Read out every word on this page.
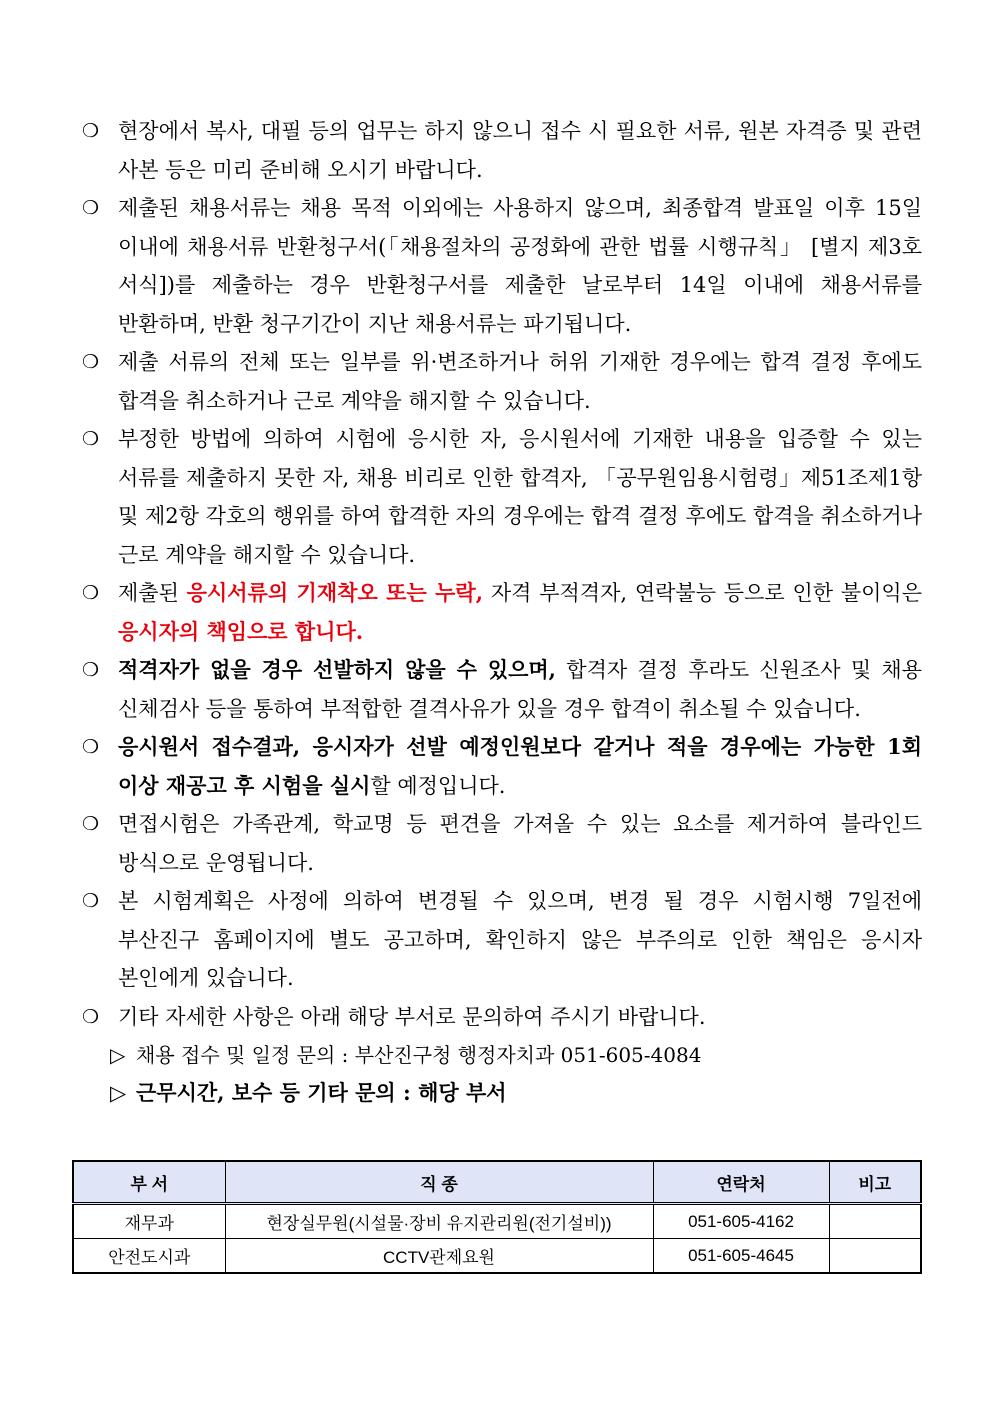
❍ 현장에서 복사, 대필 등의 업무는 하지 않으니 접수 시 필요한 서류, 원본 자격증 및 관련 사본 등은 미리 준비해 오시기 바랍니다.
❍ 제출된 채용서류는 채용 목적 이외에는 사용하지 않으며, 최종합격 발표일 이후 15일 이내에 채용서류 반환청구서(「채용절차의 공정화에 관한 법률 시행규칙」 [별지 제3호 서식])를 제출하는 경우 반환청구서를 제출한 날로부터 14일 이내에 채용서류를 반환하며, 반환 청구기간이 지난 채용서류는 파기됩니다.
❍ 제출 서류의 전체 또는 일부를 위·변조하거나 허위 기재한 경우에는 합격 결정 후에도 합격을 취소하거나 근로 계약을 해지할 수 있습니다.
❍ 부정한 방법에 의하여 시험에 응시한 자, 응시원서에 기재한 내용을 입증할 수 있는 서류를 제출하지 못한 자, 채용 비리로 인한 합격자, 「공무원임용시험령」제51조제1항 및 제2항 각호의 행위를 하여 합격한 자의 경우에는 합격 결정 후에도 합격을 취소하거나 근로 계약을 해지할 수 있습니다.
❍ 제출된 응시서류의 기재착오 또는 누락, 자격 부적격자, 연락불능 등으로 인한 불이익은 응시자의 책임으로 합니다.
❍ 적격자가 없을 경우 선발하지 않을 수 있으며, 합격자 결정 후라도 신원조사 및 채용 신체검사 등을 통하여 부적합한 결격사유가 있을 경우 합격이 취소될 수 있습니다.
❍ 응시원서 접수결과, 응시자가 선발 예정인원보다 같거나 적을 경우에는 가능한 1회 이상 재공고 후 시험을 실시할 예정입니다.
❍ 면접시험은 가족관계, 학교명 등 편견을 가져올 수 있는 요소를 제거하여 블라인드 방식으로 운영됩니다.
❍ 본 시험계획은 사정에 의하여 변경될 수 있으며, 변경 될 경우 시험시행 7일전에 부산진구 홈페이지에 별도 공고하며, 확인하지 않은 부주의로 인한 책임은 응시자 본인에게 있습니다.
❍ 기타 자세한 사항은 아래 해당 부서로 문의하여 주시기 바랍니다.
▷ 채용 접수 및 일정 문의 : 부산진구청 행정자치과 051-605-4084
▷ 근무시간, 보수 등 기타 문의 : 해당 부서
부 서	직 종	연락처	비고
재무과	현장실무원(시설물·장비 유지관리원(전기설비))	051-605-4162	
안전도시과	CCTV관제요원	051-605-4645	
